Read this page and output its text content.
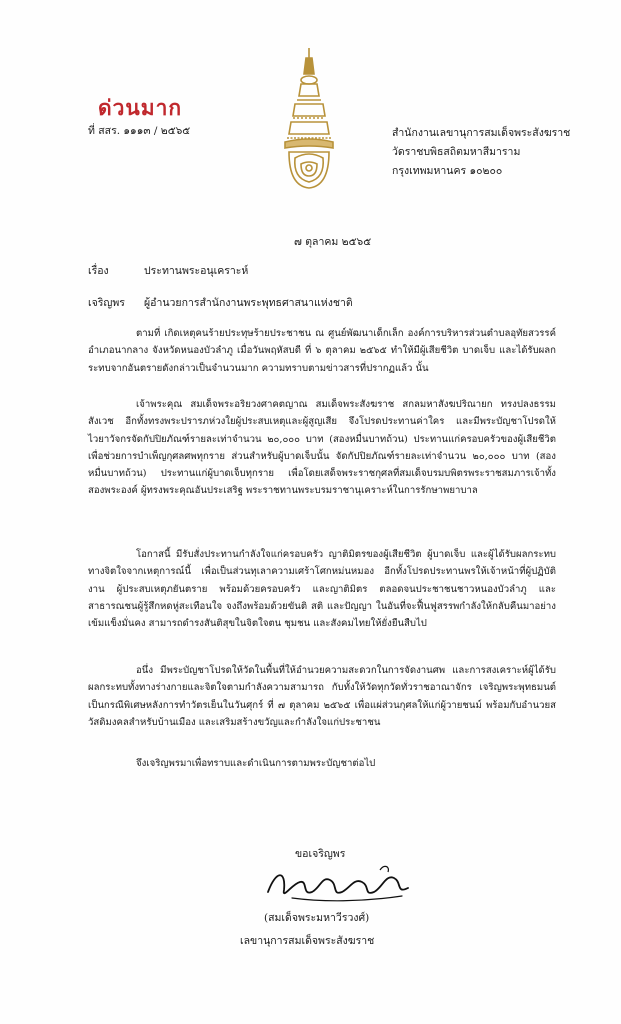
ด่วนมาก
ที่ สสร. ๑๑๑๓ / ๒๕๖๕	สำนักงานเลขานุการสมเด็จพระสังฆราช
วัดราชบพิธสถิตมหาสีมาราม
กรุงเทพมหานคร ๑๐๒๐๐
๗ ตุลาคม ๒๕๖๕
เรื่อง	ประทานพระอนุเคราะห์
เจริญพร ผู้อำนวยการสำนักงานพระพุทธศาสนาแห่งชาติ

ตามที่ เกิดเหตุคนร้ายประทุษร้ายประชาชน ณ ศูนย์พัฒนาเด็กเล็ก องค์การบริหารส่วนตำบลอุทัยสวรรค์ อำเภอนากลาง จังหวัดหนองบัวลำภู เมื่อวันพฤหัสบดี ที่ ๖ ตุลาคม ๒๕๖๕ ทำให้มีผู้เสียชีวิต บาดเจ็บ และได้รับผลกระทบจากอันตรายดังกล่าวเป็นจำนวนมาก ความทราบตามข่าวสารที่ปรากฏแล้ว นั้น

เจ้าพระคุณ สมเด็จพระอริยวงศาคตญาณ สมเด็จพระสังฆราช สกลมหาสังฆปริณายก ทรงปลงธรรมสังเวช อีกทั้งทรงพระปรารภห่วงใยผู้ประสบเหตุและผู้สูญเสีย จึงโปรดประทานค่าใคร และมีพระบัญชาโปรดให้ไวยาวัจกรจัดกัปปิยภัณฑ์รายละเท่าจำนวน ๒๐,๐๐๐ บาท (สองหมื่นบาทถ้วน) ประทานแก่ครอบครัวของผู้เสียชีวิต เพื่อช่วยการบำเพ็ญกุศลศพทุกราย ส่วนสำหรับผู้บาดเจ็บนั้น จัดกัปปิยภัณฑ์รายละเท่าจำนวน ๒๐,๐๐๐ บาท (สองหมื่นบาทถ้วน) ประทานแก่ผู้บาดเจ็บทุกราย เพื่อโดยเสด็จพระราชกุศลที่สมเด็จบรมบพิตรพระราชสมภารเจ้าทั้งสองพระองค์ ผู้ทรงพระคุณอันประเสริฐ พระราชทานพระบรมราชานุเคราะห์ในการรักษาพยาบาล

โอกาสนี้ มีรับสั่งประทานกำลังใจแก่ครอบครัว ญาติมิตรของผู้เสียชีวิต ผู้บาดเจ็บ และผู้ได้รับผลกระทบทางจิตใจจากเหตุการณ์นี้ เพื่อเป็นส่วนทุเลาความเศร้าโศกหม่นหมอง อีกทั้งโปรดประทานพรให้เจ้าหน้าที่ผู้ปฏิบัติงาน ผู้ประสบเหตุภยันตราย พร้อมด้วยครอบครัว และญาติมิตร ตลอดจนประชาชนชาวหนองบัวลำภู และสาธารณชนผู้รู้สึกหดหู่สะเทือนใจ จงถึงพร้อมด้วยขันติ สติ และปัญญา ในอันที่จะฟื้นฟูสรรพกำลังให้กลับคืนมาอย่างเข้มแข็งมั่นคง สามารถดำรงสันติสุขในจิตใจตน ชุมชน และสังคมไทยให้ยั่งยืนสืบไป

อนึ่ง มีพระบัญชาโปรดให้วัดในพื้นที่ให้อำนวยความสะดวกในการจัดงานศพ และการสงเคราะห์ผู้ได้รับผลกระทบทั้งทางร่างกายและจิตใจตามกำลังความสามารถ กับทั้งให้วัดทุกวัดทั่วราชอาณาจักร เจริญพระพุทธมนต์ เป็นกรณีพิเศษหลังการทำวัตรเย็นในวันศุกร์ ที่ ๗ ตุลาคม ๒๕๖๕ เพื่อแผ่ส่วนกุศลให้แก่ผู้วายชนม์ พร้อมกับอำนวยสวัสดิมงคลสำหรับบ้านเมือง และเสริมสร้างขวัญและกำลังใจแก่ประชาชน

จึงเจริญพรมาเพื่อทราบและดำเนินการตามพระบัญชาต่อไป

ขอเจริญพร
(สมเด็จพระมหาวีรวงศ์)
เลขานุการสมเด็จพระสังฆราช
